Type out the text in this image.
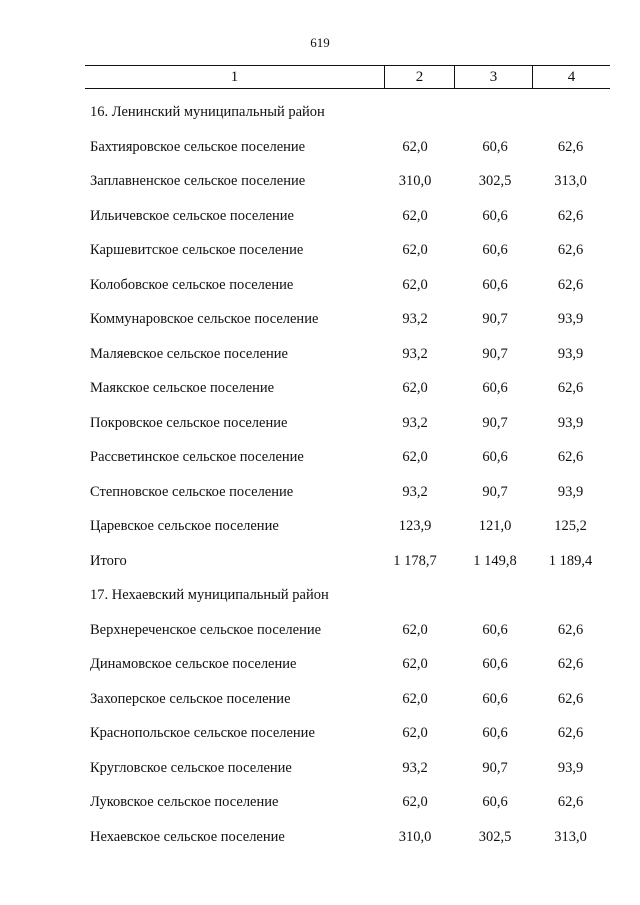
619
1	2	3	4
16. Ленинский муниципальный район
Бахтияровское сельское поселение	62,0	60,6	62,6
Заплавненское сельское поселение	310,0	302,5	313,0
Ильичевское сельское поселение	62,0	60,6	62,6
Каршевитское сельское поселение	62,0	60,6	62,6
Колобовское сельское поселение	62,0	60,6	62,6
Коммунаровское сельское поселение	93,2	90,7	93,9
Маляевское сельское поселение	93,2	90,7	93,9
Маякское сельское поселение	62,0	60,6	62,6
Покровское сельское поселение	93,2	90,7	93,9
Рассветинское сельское поселение	62,0	60,6	62,6
Степновское сельское поселение	93,2	90,7	93,9
Царевское сельское поселение	123,9	121,0	125,2
Итого	1 178,7	1 149,8	1 189,4
17. Нехаевский муниципальный район
Верхнереченское сельское поселение	62,0	60,6	62,6
Динамовское сельское поселение	62,0	60,6	62,6
Захоперское сельское поселение	62,0	60,6	62,6
Краснопольское сельское поселение	62,0	60,6	62,6
Кругловское сельское поселение	93,2	90,7	93,9
Луковское сельское поселение	62,0	60,6	62,6
Нехаевское сельское поселение	310,0	302,5	313,0
